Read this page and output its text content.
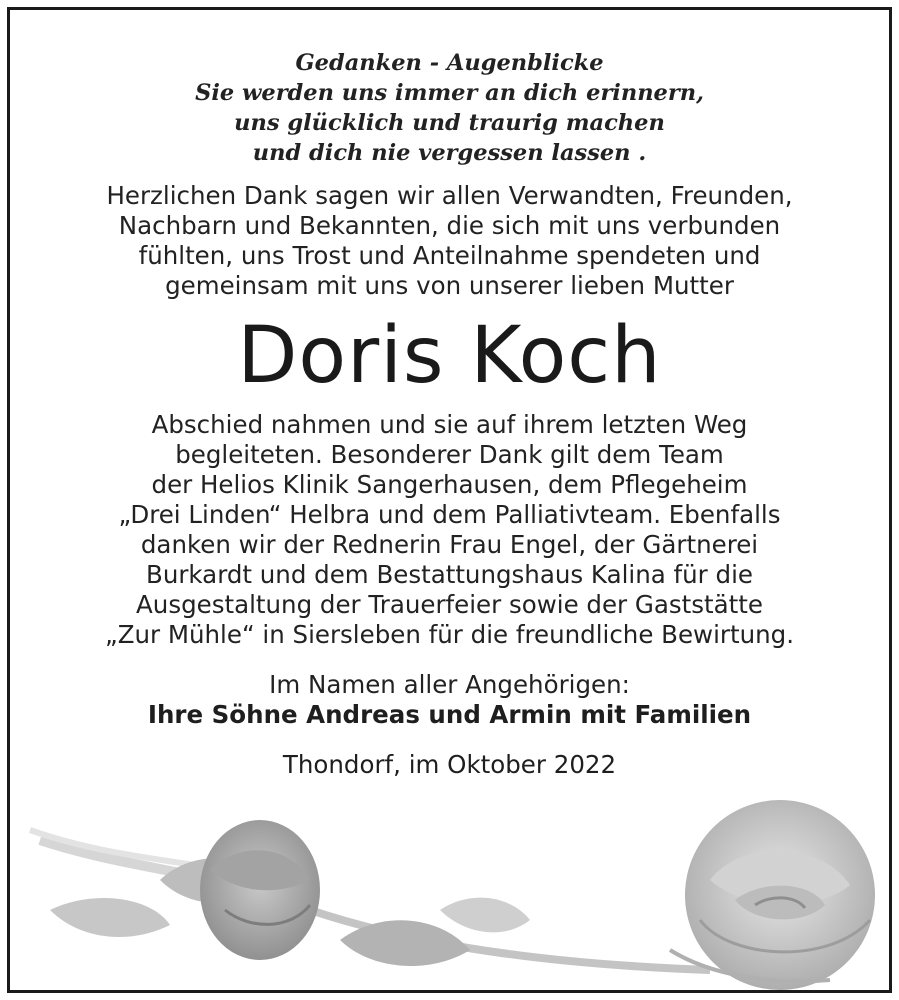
Gedanken - Augenblicke
Sie werden uns immer an dich erinnern,
uns glücklich und traurig machen
und dich nie vergessen lassen .
Herzlichen Dank sagen wir allen Verwandten, Freunden,
Nachbarn und Bekannten, die sich mit uns verbunden
fühlten, uns Trost und Anteilnahme spendeten und
gemeinsam mit uns von unserer lieben Mutter
Doris Koch
Abschied nahmen und sie auf ihrem letzten Weg
begleiteten. Besonderer Dank gilt dem Team
der Helios Klinik Sangerhausen, dem Pflegeheim
„Drei Linden“ Helbra und dem Palliativteam. Ebenfalls
danken wir der Rednerin Frau Engel, der Gärtnerei
Burkardt und dem Bestattungshaus Kalina für die
Ausgestaltung der Trauerfeier sowie der Gaststätte
„Zur Mühle“ in Siersleben für die freundliche Bewirtung.
Im Namen aller Angehörigen:
Ihre Söhne Andreas und Armin mit Familien
Thondorf, im Oktober 2022
